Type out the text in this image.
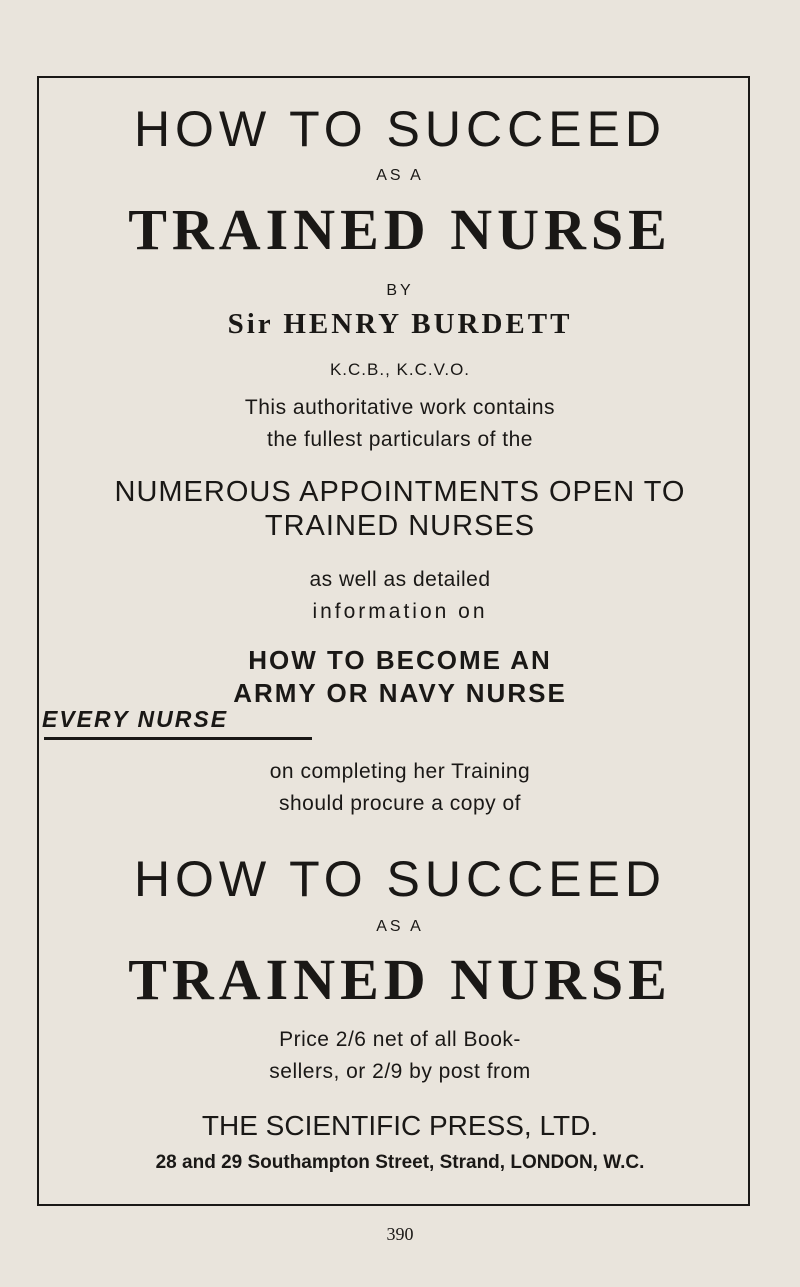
HOW TO SUCCEED
AS A
TRAINED NURSE
BY
Sir HENRY BURDETT
K.C.B., K.C.V.O.
This authoritative work contains
the fullest particulars of the
NUMEROUS APPOINTMENTS OPEN TO
TRAINED NURSES
as well as detailed
information on
HOW TO BECOME AN
ARMY OR NAVY NURSE
EVERY NURSE
on completing her Training
should procure a copy of
HOW TO SUCCEED
AS A
TRAINED NURSE
Price 2/6 net of all Book-
sellers, or 2/9 by post from
THE SCIENTIFIC PRESS, LTD.
28 and 29 Southampton Street, Strand, LONDON, W.C.
390
